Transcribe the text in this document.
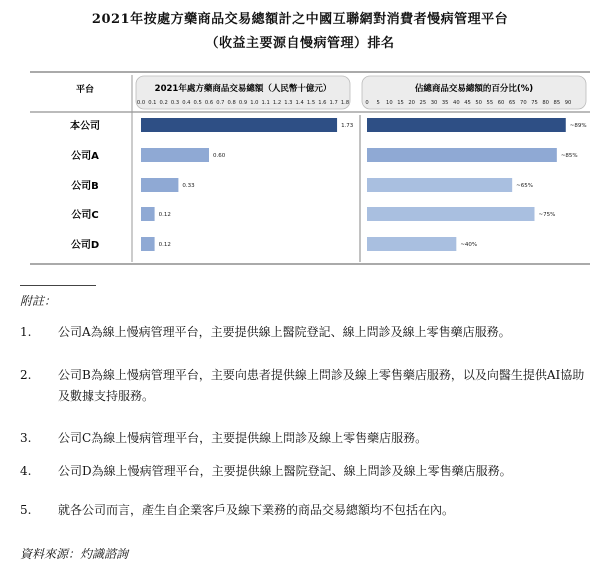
2021年按處方藥商品交易總額計之中國互聯網對消費者慢病管理平台
（收益主要源自慢病管理）排名
平台	2021年處方藥商品交易總額（人民幣十億元）
0.0 0.1 0.2 0.3 0.4 0.5 0.6 0.7 0.8 0.9 1.0 1.1 1.2 1.3 1.4 1.5 1.6 1.7 1.8
1.73
0.60
0.33
0.12
0.12
佔總商品交易總額的百分比(%)
0 5 10 15 20 25 30 35 40 45 50 55 60 65 70 75 80 85 90
~89%
~85%
~65%
~75%
~40%
本公司
公司A
公司B
公司C
公司D
附註：
1. 公司A為線上慢病管理平台，主要提供線上醫院登記、線上問診及線上零售藥店服務。
2. 公司B為線上慢病管理平台，主要向患者提供線上問診及線上零售藥店服務，以及向醫生提供AI協助及數據支持服務。
3. 公司C為線上慢病管理平台，主要提供線上問診及線上零售藥店服務。
4. 公司D為線上慢病管理平台，主要提供線上醫院登記、線上問診及線上零售藥店服務。
5. 就各公司而言，產生自企業客戶及線下業務的商品交易總額均不包括在內。
資料來源：灼識諮詢
